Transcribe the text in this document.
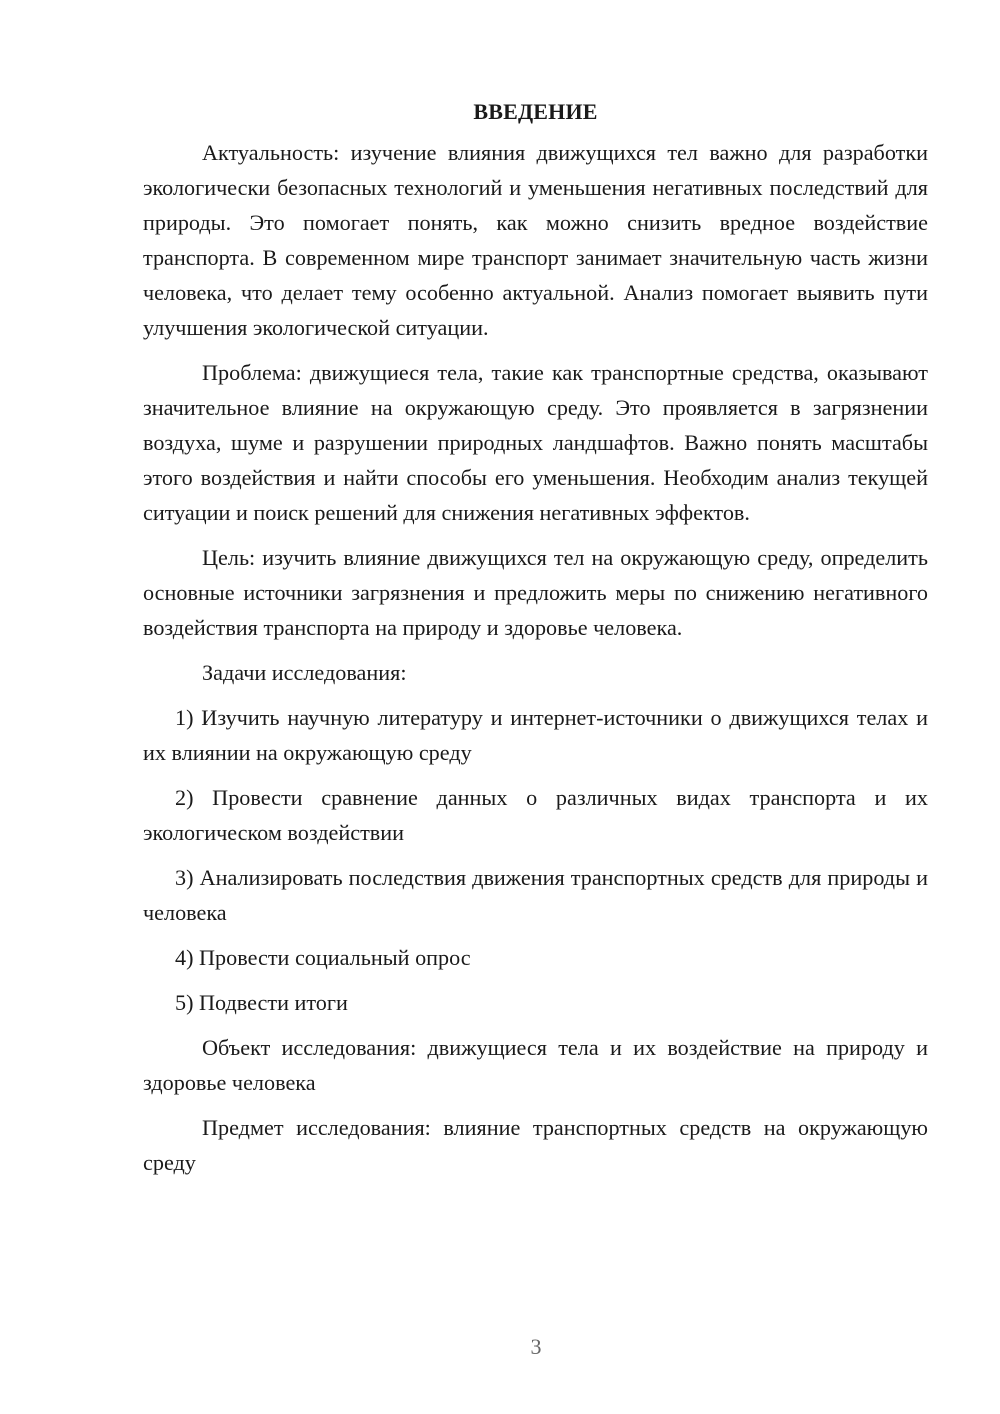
ВВЕДЕНИЕ

Актуальность: изучение влияния движущихся тел важно для разработки экологически безопасных технологий и уменьшения негативных последствий для природы. Это помогает понять, как можно снизить вредное воздействие транспорта. В современном мире транспорт занимает значительную часть жизни человека, что делает тему особенно актуальной. Анализ помогает выявить пути улучшения экологической ситуации.

Проблема: движущиеся тела, такие как транспортные средства, оказывают значительное влияние на окружающую среду. Это проявляется в загрязнении воздуха, шуме и разрушении природных ландшафтов. Важно понять масштабы этого воздействия и найти способы его уменьшения. Необходим анализ текущей ситуации и поиск решений для снижения негативных эффектов.

Цель: изучить влияние движущихся тел на окружающую среду, определить основные источники загрязнения и предложить меры по снижению негативного воздействия транспорта на природу и здоровье человека.

Задачи исследования:

1) Изучить научную литературу и интернет-источники о движущихся телах и их влиянии на окружающую среду

2) Провести сравнение данных о различных видах транспорта и их экологическом воздействии

3) Анализировать последствия движения транспортных средств для природы и человека

4) Провести социальный опрос

5) Подвести итоги

Объект исследования: движущиеся тела и их воздействие на природу и здоровье человека

Предмет исследования: влияние транспортных средств на окружающую среду

3
